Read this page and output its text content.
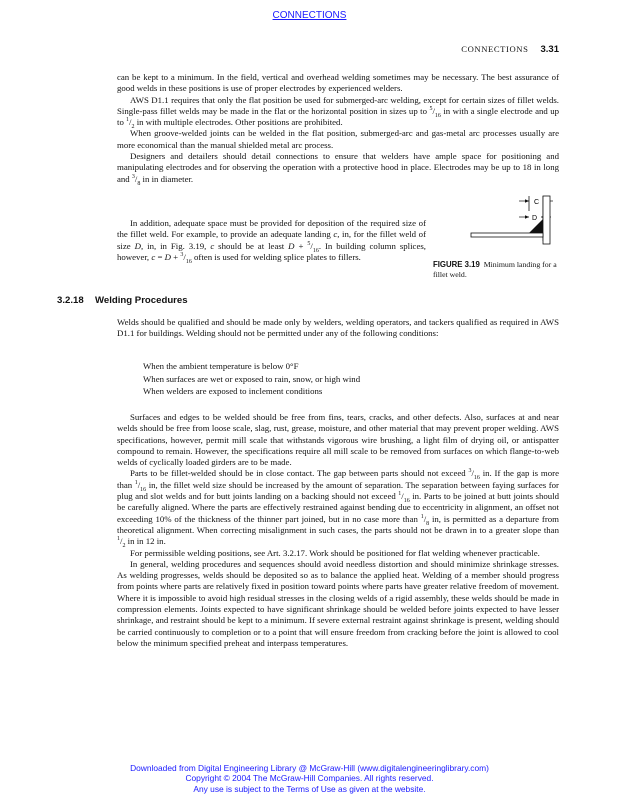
CONNECTIONS
CONNECTIONS 3.31

can be kept to a minimum. In the field, vertical and overhead welding sometimes may be necessary. The best assurance of good welds in these positions is use of proper electrodes by experienced welders.

AWS D1.1 requires that only the flat position be used for submerged-arc welding, except for certain sizes of fillet welds. Single-pass fillet welds may be made in the flat or the horizontal position in sizes up to $^5/_{16}$ in with a single electrode and up to $^1/_2$ in with multiple electrodes. Other positions are prohibited.

When groove-welded joints can be welded in the flat position, submerged-arc and gas-metal arc processes usually are more economical than the manual shielded metal arc process.

Designers and detailers should detail connections to ensure that welders have ample space for positioning and manipulating electrodes and for observing the operation with a protective hood in place. Electrodes may be up to 18 in long and $^3/_8$ in in diameter.

In addition, adequate space must be provided for deposition of the required size of the fillet weld. For example, to provide an adequate landing c, in, for the fillet weld of size D, in, in Fig. 3.19, c should be at least $D + ^5/_{16}$. In building column splices, however, $c = D + ^3/_{16}$ often is used for welding splice plates to fillers.

C
D
FIGURE 3.19 Minimum landing for a fillet weld.
3.2.18 Welding Procedures

Welds should be qualified and should be made only by welders, welding operators, and tackers qualified as required in AWS D1.1 for buildings. Welding should not be permitted under any of the following conditions:

When the ambient temperature is below 0°F
When surfaces are wet or exposed to rain, snow, or high wind
When welders are exposed to inclement conditions

Surfaces and edges to be welded should be free from fins, tears, cracks, and other defects. Also, surfaces at and near welds should be free from loose scale, slag, rust, grease, moisture, and other material that may prevent proper welding. AWS specifications, however, permit mill scale that withstands vigorous wire brushing, a light film of drying oil, or antispatter compound to remain. However, the specifications require all mill scale to be removed from surfaces on which flange-to-web welds of cyclically loaded girders are to be made.

Parts to be fillet-welded should be in close contact. The gap between parts should not exceed $^3/_{16}$ in. If the gap is more than $^1/_{16}$ in, the fillet weld size should be increased by the amount of separation. The separation between faying surfaces for plug and slot welds and for butt joints landing on a backing should not exceed $^1/_{16}$ in. Parts to be joined at butt joints should be carefully aligned. Where the parts are effectively restrained against bending due to eccentricity in alignment, an offset not exceeding 10% of the thickness of the thinner part joined, but in no case more than $^1/_8$ in, is permitted as a departure from theoretical alignment. When correcting misalignment in such cases, the parts should not be drawn in to a greater slope than $^1/_2$ in in 12 in.

For permissible welding positions, see Art. 3.2.17. Work should be positioned for flat welding whenever practicable.

In general, welding procedures and sequences should avoid needless distortion and should minimize shrinkage stresses. As welding progresses, welds should be deposited so as to balance the applied heat. Welding of a member should progress from points where parts are relatively fixed in position toward points where parts have greater relative freedom of movement. Where it is impossible to avoid high residual stresses in the closing welds of a rigid assembly, these welds should be made in compression elements. Joints expected to have significant shrinkage should be welded before joints expected to have lesser shrinkage, and restraint should be kept to a minimum. If severe external restraint against shrinkage is present, welding should be carried continuously to completion or to a point that will ensure freedom from cracking before the joint is allowed to cool below the minimum specified preheat and interpass temperatures.

Downloaded from Digital Engineering Library @ McGraw-Hill (www.digitalengineeringlibrary.com)
Copyright © 2004 The McGraw-Hill Companies. All rights reserved.
Any use is subject to the Terms of Use as given at the website.
